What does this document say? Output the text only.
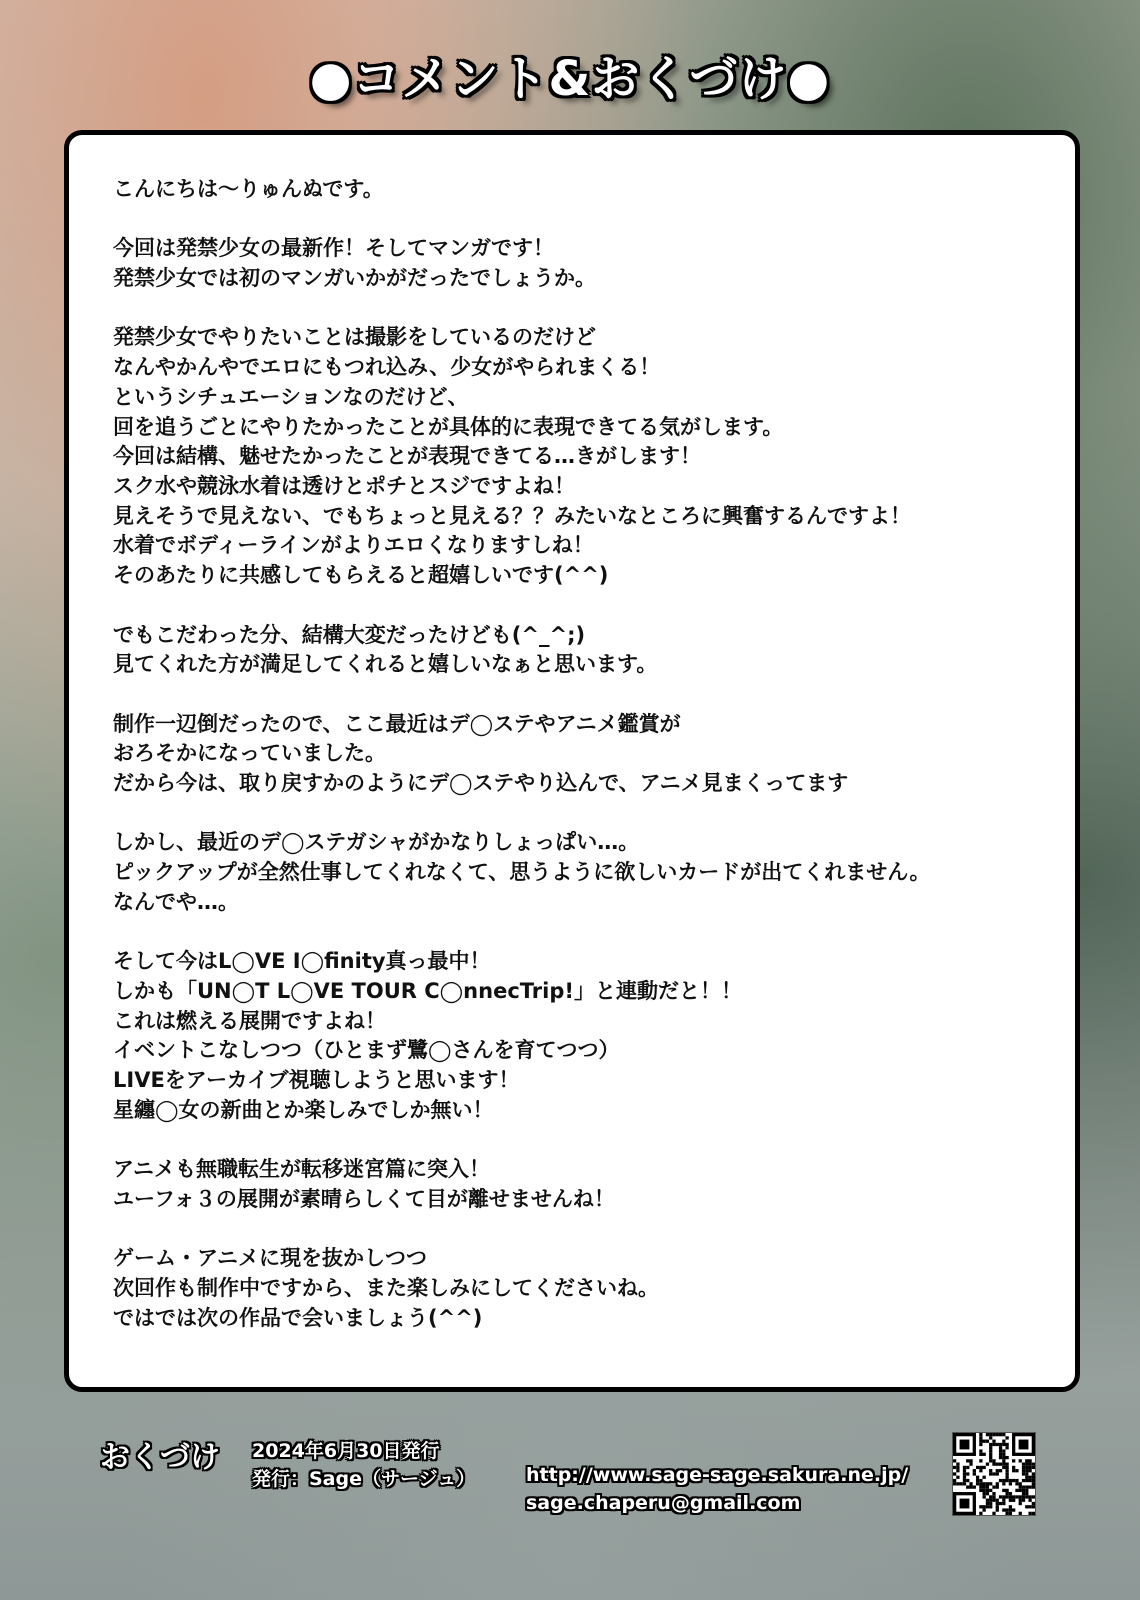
●コメント&おくづけ●
こんにちは〜りゅんぬです。
今回は発禁少女の最新作！そしてマンガです！
発禁少女では初のマンガいかがだったでしょうか。
発禁少女でやりたいことは撮影をしているのだけど
なんやかんやでエロにもつれ込み、少女がやられまくる！
というシチュエーションなのだけど、
回を追うごとにやりたかったことが具体的に表現できてる気がします。
今回は結構、魅せたかったことが表現できてる…きがします！
スク水や競泳水着は透けとポチとスジですよね！
見えそうで見えない、でもちょっと見える？？みたいなところに興奮するんですよ！
水着でボディーラインがよりエロくなりますしね！
そのあたりに共感してもらえると超嬉しいです(^^)
でもこだわった分、結構大変だったけども(^_^;)
見てくれた方が満足してくれると嬉しいなぁと思います。
制作一辺倒だったので、ここ最近はデ◯ステやアニメ鑑賞が
おろそかになっていました。
だから今は、取り戻すかのようにデ◯ステやり込んで、アニメ見まくってます
しかし、最近のデ◯ステガシャがかなりしょっぱい…。
ピックアップが全然仕事してくれなくて、思うように欲しいカードが出てくれません。
なんでや…。
そして今はL◯VE I◯finity真っ最中！
しかも「UN◯T L◯VE TOUR C◯nnecTrip!」と連動だと！！
これは燃える展開ですよね！
イベントこなしつつ（ひとまず鷺◯さんを育てつつ）
LIVEをアーカイブ視聴しようと思います！
星纏◯女の新曲とか楽しみでしか無い！
アニメも無職転生が転移迷宮篇に突入！
ユーフォ３の展開が素晴らしくて目が離せませんね！
ゲーム・アニメに現を抜かしつつ
次回作も制作中ですから、また楽しみにしてくださいね。
ではでは次の作品で会いましょう(^^)
おくづけ 2024年6月30日発行
発行：Sage（サージュ）	http://www.sage-sage.sakura.ne.jp/
sage.chaperu@gmail.com
